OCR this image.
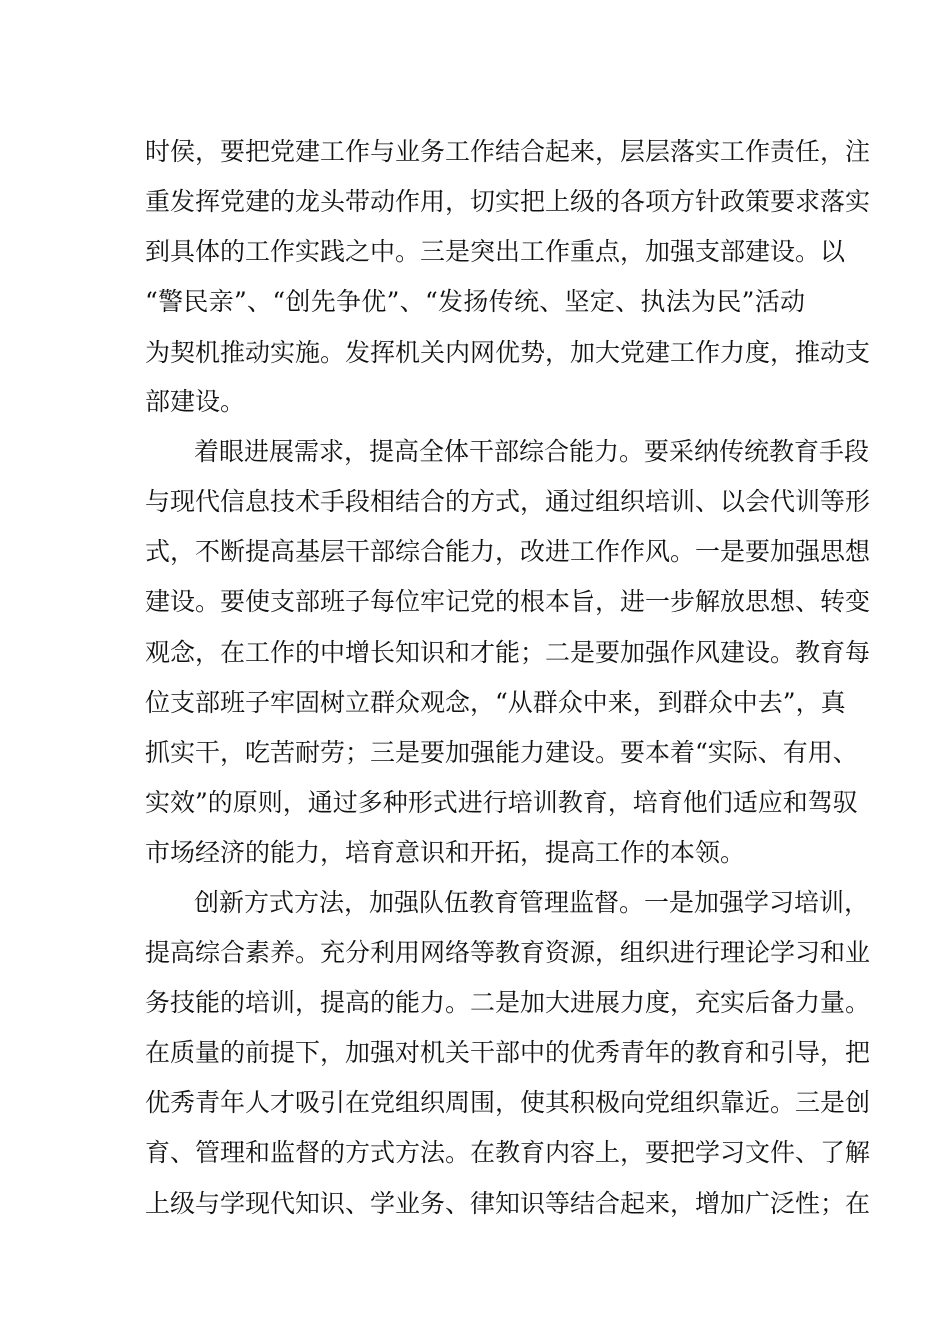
时侯，要把党建工作与业务工作结合起来，层层落实工作责任，注
重发挥党建的龙头带动作用，切实把上级的各项方针政策要求落实
到具体的工作实践之中。三是突出工作重点，加强支部建设。以
“警民亲”、“创先争优”、“发扬传统、坚定、执法为民”活动
为契机推动实施。发挥机关内网优势，加大党建工作力度，推动支
部建设。
着眼进展需求，提高全体干部综合能力。要采纳传统教育手段
与现代信息技术手段相结合的方式，通过组织培训、以会代训等形
式，不断提高基层干部综合能力，改进工作作风。一是要加强思想
建设。要使支部班子每位牢记党的根本旨，进一步解放思想、转变
观念，在工作的中增长知识和才能；二是要加强作风建设。教育每
位支部班子牢固树立群众观念，“从群众中来，到群众中去”，真
抓实干，吃苦耐劳；三是要加强能力建设。要本着“实际、有用、
实效”的原则，通过多种形式进行培训教育，培育他们适应和驾驭
市场经济的能力，培育意识和开拓，提高工作的本领。
创新方式方法，加强队伍教育管理监督。一是加强学习培训，
提高综合素养。充分利用网络等教育资源，组织进行理论学习和业
务技能的培训，提高的能力。二是加大进展力度，充实后备力量。
在质量的前提下，加强对机关干部中的优秀青年的教育和引导，把
优秀青年人才吸引在党组织周围，使其积极向党组织靠近。三是创
育、管理和监督的方式方法。在教育内容上，要把学习文件、了解
上级与学现代知识、学业务、律知识等结合起来，增加广泛性；在
